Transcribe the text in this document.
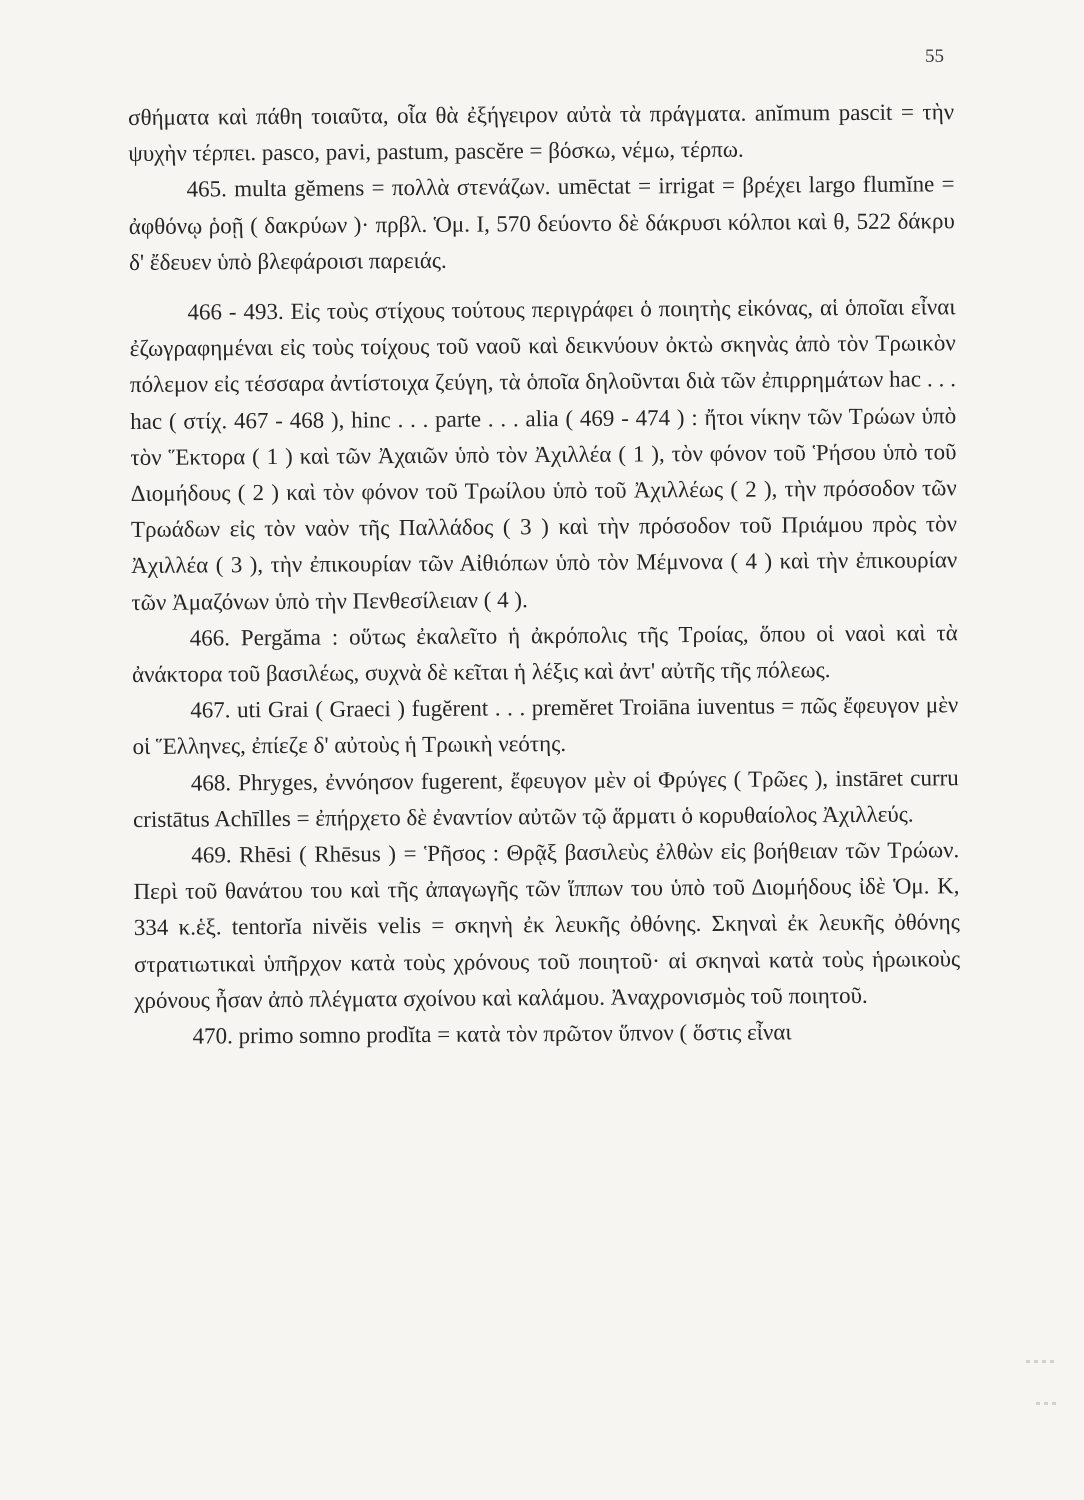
55

σθήματα καὶ πάθη τοιαῦτα, οἷα θὰ ἐξήγειρον αὐτὰ τὰ πράγματα. anĭmum pascit = τὴν ψυχὴν τέρπει. pasco, pavi, pastum, pascĕre = βόσκω, νέμω, τέρπω.

465. multa gĕmens = πολλὰ στενάζων. umēctat = irrigat = βρέχει largo flumĭne = ἀφθόνῳ ῥοῇ ( δακρύων )· πρβλ. Ὁμ. I, 570 δεύοντο δὲ δάκρυσι κόλποι καὶ θ, 522 δάκρυ δ' ἔδευεν ὑπὸ βλεφάροισι παρειάς.

466 - 493. Εἰς τοὺς στίχους τούτους περιγράφει ὁ ποιητὴς εἰκόνας, αἱ ὁποῖαι εἶναι ἐζωγραφημέναι εἰς τοὺς τοίχους τοῦ ναοῦ καὶ δεικνύουν ὀκτὼ σκηνὰς ἀπὸ τὸν Τρωικὸν πόλεμον εἰς τέσσαρα ἀντίστοιχα ζεύγη, τὰ ὁποῖα δηλοῦνται διὰ τῶν ἐπιρρημάτων hac . . . hac ( στίχ. 467 - 468 ), hinc . . . parte . . . alia ( 469 - 474 ) : ἤτοι νίκην τῶν Τρώων ὑπὸ τὸν Ἕκτορα ( 1 ) καὶ τῶν Ἀχαιῶν ὑπὸ τὸν Ἀχιλλέα ( 1 ), τὸν φόνον τοῦ Ῥήσου ὑπὸ τοῦ Διομήδους ( 2 ) καὶ τὸν φόνον τοῦ Τρωίλου ὑπὸ τοῦ Ἀχιλλέως ( 2 ), τὴν πρόσοδον τῶν Τρωάδων εἰς τὸν ναὸν τῆς Παλλάδος ( 3 ) καὶ τὴν πρόσοδον τοῦ Πριάμου πρὸς τὸν Ἀχιλλέα ( 3 ), τὴν ἐπικουρίαν τῶν Αἰθιόπων ὑπὸ τὸν Μέμνονα ( 4 ) καὶ τὴν ἐπικουρίαν τῶν Ἀμαζόνων ὑπὸ τὴν Πενθεσίλειαν ( 4 ).

466. Pergăma : οὕτως ἐκαλεῖτο ἡ ἀκρόπολις τῆς Τροίας, ὅπου οἱ ναοὶ καὶ τὰ ἀνάκτορα τοῦ βασιλέως, συχνὰ δὲ κεῖται ἡ λέξις καὶ ἀντ' αὐτῆς τῆς πόλεως.

467. uti Grai ( Graeci ) fugĕrent . . . premĕret Troiāna iuventus = πῶς ἔφευγον μὲν οἱ Ἕλληνες, ἐπίεζε δ' αὐτοὺς ἡ Τρωικὴ νεότης.

468. Phryges, ἐννόησον fugerent, ἔφευγον μὲν οἱ Φρύγες ( Τρῶες ), instāret curru cristātus Achīlles = ἐπήρχετο δὲ ἐναντίον αὐτῶν τῷ ἅρματι ὁ κορυθαίολος Ἀχιλλεύς.

469. Rhēsi ( Rhēsus ) = Ῥῆσος : Θρᾷξ βασιλεὺς ἐλθὼν εἰς βοήθειαν τῶν Τρώων. Περὶ τοῦ θανάτου του καὶ τῆς ἀπαγωγῆς τῶν ἵππων του ὑπὸ τοῦ Διομήδους ἰδὲ Ὁμ. Κ, 334 κ.ἑξ. tentorĭa nivĕis velis = σκηνὴ ἐκ λευκῆς ὀθόνης. Σκηναὶ ἐκ λευκῆς ὀθόνης στρατιωτικαὶ ὑπῆρχον κατὰ τοὺς χρόνους τοῦ ποιητοῦ· αἱ σκηναὶ κατὰ τοὺς ἡρωικοὺς χρόνους ἦσαν ἀπὸ πλέγματα σχοίνου καὶ καλάμου. Ἀναχρονισμὸς τοῦ ποιητοῦ.

470. primo somno prodĭta = κατὰ τὸν πρῶτον ὕπνον ( ὅστις εἶναι
